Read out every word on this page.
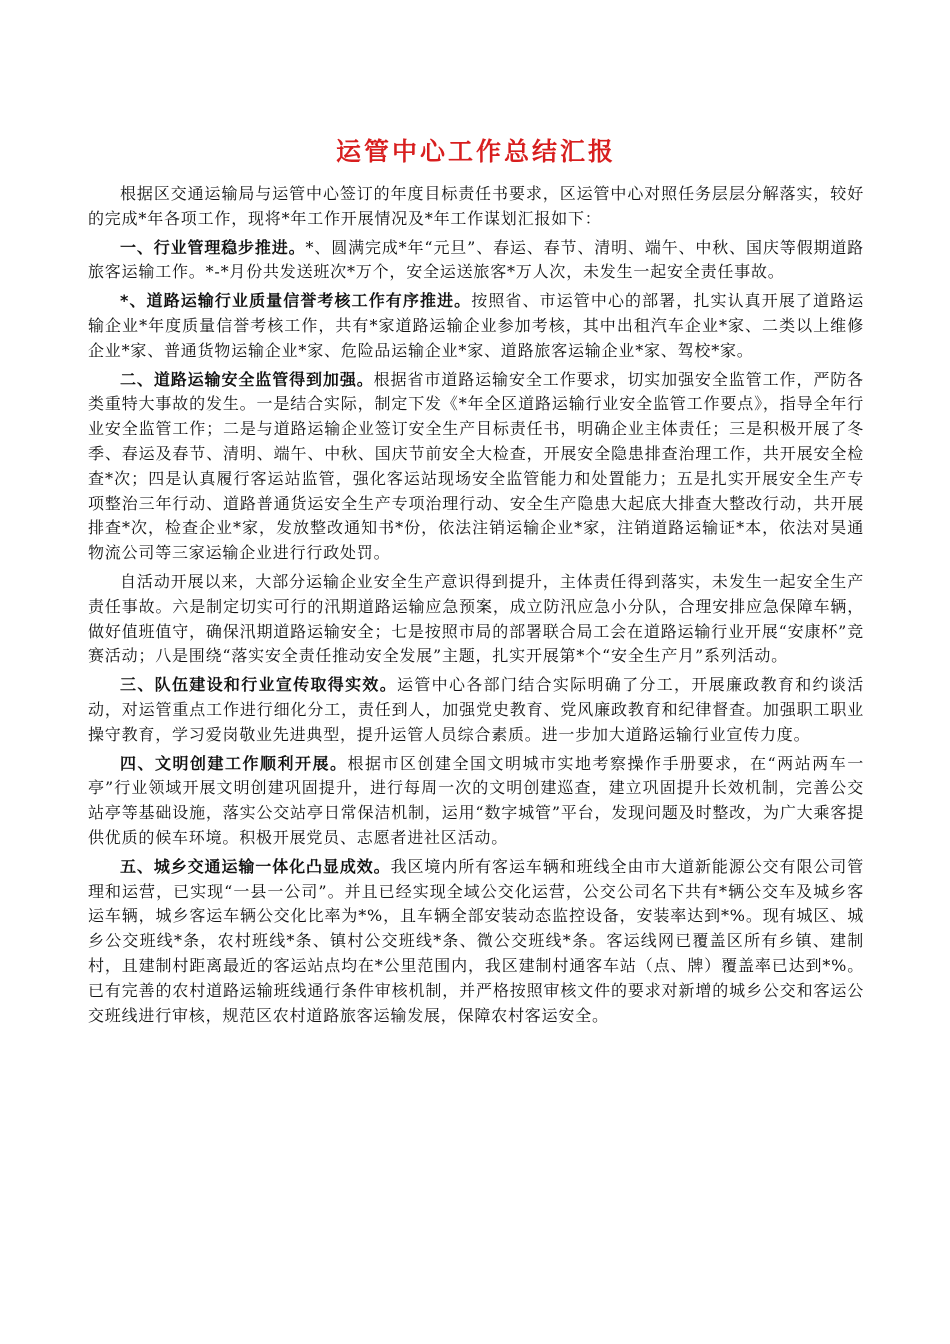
运管中心工作总结汇报

根据区交通运输局与运管中心签订的年度目标责任书要求，区运管中心对照任务层层分解落实，较好的完成*年各项工作，现将*年工作开展情况及*年工作谋划汇报如下：

一、行业管理稳步推进。*、圆满完成*年“元旦”、春运、春节、清明、端午、中秋、国庆等假期道路旅客运输工作。*-*月份共发送班次*万个，安全运送旅客*万人次，未发生一起安全责任事故。

*、道路运输行业质量信誉考核工作有序推进。按照省、市运管中心的部署，扎实认真开展了道路运输企业*年度质量信誉考核工作，共有*家道路运输企业参加考核，其中出租汽车企业*家、二类以上维修企业*家、普通货物运输企业*家、危险品运输企业*家、道路旅客运输企业*家、驾校*家。

二、道路运输安全监管得到加强。根据省市道路运输安全工作要求，切实加强安全监管工作，严防各类重特大事故的发生。一是结合实际，制定下发《*年全区道路运输行业安全监管工作要点》，指导全年行业安全监管工作；二是与道路运输企业签订安全生产目标责任书，明确企业主体责任；三是积极开展了冬季、春运及春节、清明、端午、中秋、国庆节前安全大检查，开展安全隐患排查治理工作，共开展安全检查*次；四是认真履行客运站监管，强化客运站现场安全监管能力和处置能力；五是扎实开展安全生产专项整治三年行动、道路普通货运安全生产专项治理行动、安全生产隐患大起底大排查大整改行动，共开展排查*次，检查企业*家，发放整改通知书*份，依法注销运输企业*家，注销道路运输证*本，依法对昊通物流公司等三家运输企业进行行政处罚。

自活动开展以来，大部分运输企业安全生产意识得到提升，主体责任得到落实，未发生一起安全生产责任事故。六是制定切实可行的汛期道路运输应急预案，成立防汛应急小分队，合理安排应急保障车辆，做好值班值守，确保汛期道路运输安全；七是按照市局的部署联合局工会在道路运输行业开展“安康杯”竞赛活动；八是围绕“落实安全责任推动安全发展”主题，扎实开展第*个“安全生产月”系列活动。

三、队伍建设和行业宣传取得实效。运管中心各部门结合实际明确了分工，开展廉政教育和约谈活动，对运管重点工作进行细化分工，责任到人，加强党史教育、党风廉政教育和纪律督查。加强职工职业操守教育，学习爱岗敬业先进典型，提升运管人员综合素质。进一步加大道路运输行业宣传力度。

四、文明创建工作顺利开展。根据市区创建全国文明城市实地考察操作手册要求，在“两站两车一亭”行业领域开展文明创建巩固提升，进行每周一次的文明创建巡查，建立巩固提升长效机制，完善公交站亭等基础设施，落实公交站亭日常保洁机制，运用“数字城管”平台，发现问题及时整改，为广大乘客提供优质的候车环境。积极开展党员、志愿者进社区活动。

五、城乡交通运输一体化凸显成效。我区境内所有客运车辆和班线全由市大道新能源公交有限公司管理和运营，已实现“一县一公司”。并且已经实现全域公交化运营，公交公司名下共有*辆公交车及城乡客运车辆，城乡客运车辆公交化比率为*%，且车辆全部安装动态监控设备，安装率达到*%。现有城区、城乡公交班线*条，农村班线*条、镇村公交班线*条、微公交班线*条。客运线网已覆盖区所有乡镇、建制村，且建制村距离最近的客运站点均在*公里范围内，我区建制村通客车站（点、牌）覆盖率已达到*%。已有完善的农村道路运输班线通行条件审核机制，并严格按照审核文件的要求对新增的城乡公交和客运公交班线进行审核，规范区农村道路旅客运输发展，保障农村客运安全。
